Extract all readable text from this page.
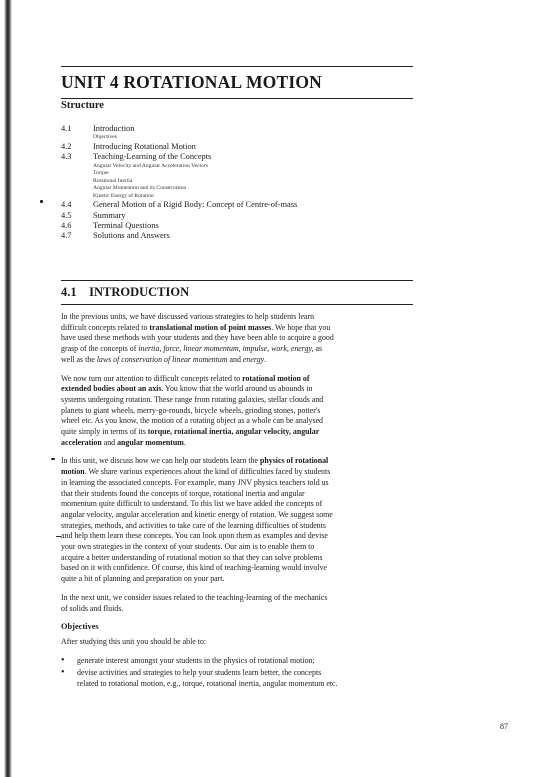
UNIT 4 ROTATIONAL MOTION
Structure
4.1	Introduction
Objectives
4.2	Introducing Rotational Motion
4.3	Teaching-Learning of the Concepts
Angular Velocity and Angular Acceleration Vectors
Torque
Rotational Inertia
Angular Momentum and its Conservation
Kinetic Energy of Rotation
4.4	General Motion of a Rigid Body: Concept of Centre-of-mass
4.5	Summary
4.6	Terminal Questions
4.7	Solutions and Answers
4.1 INTRODUCTION
In the previous units, we have discussed various strategies to help students learn
difficult concepts related to translational motion of point masses. We hope that you
have used these methods with your students and they have been able to acquire a good
grasp of the concepts of inertia, force, linear momentum, impulse, work, energy, as
well as the laws of conservation of linear momentum and energy.
We now turn our attention to difficult concepts related to rotational motion of
extended bodies about an axis. You know that the world around us abounds in
systems undergoing rotation. These range from rotating galaxies, stellar clouds and
planets to giant wheels, merry-go-rounds, bicycle wheels, grinding stones, potter's
wheel etc. As you know, the motion of a rotating object as a whole can be analysed
quite simply in terms of its torque, rotational inertia, angular velocity, angular
acceleration and angular momentum.
In this unit, we discuss how we can help our students learn the physics of rotational
motion. We share various experiences about the kind of difficulties faced by students
in learning the associated concepts. For example, many JNV physics teachers told us
that their students found the concepts of torque, rotational inertia and angular
momentum quite difficult to understand. To this list we have added the concepts of
angular velocity, angular acceleration and kinetic energy of rotation. We suggest some
strategies, methods, and activities to take care of the learning difficulties of students
and help them learn these concepts. You can look upon them as examples and devise
your own strategies in the context of your students. Our aim is to enable them to
acquire a better understanding of rotational motion so that they can solve problems
based on it with confidence. Of course, this kind of teaching-learning would involve
quite a bit of planning and preparation on your part.
In the next unit, we consider issues related to the teaching-learning of the mechanics
of solids and fluids.
Objectives
After studying this unit you should be able to:
• generate interest amongst your students in the physics of rotational motion;
• devise activities and strategies to help your students learn better, the concepts
related to rotational motion, e.g., torque, rotational inertia, angular momentum etc.
87
